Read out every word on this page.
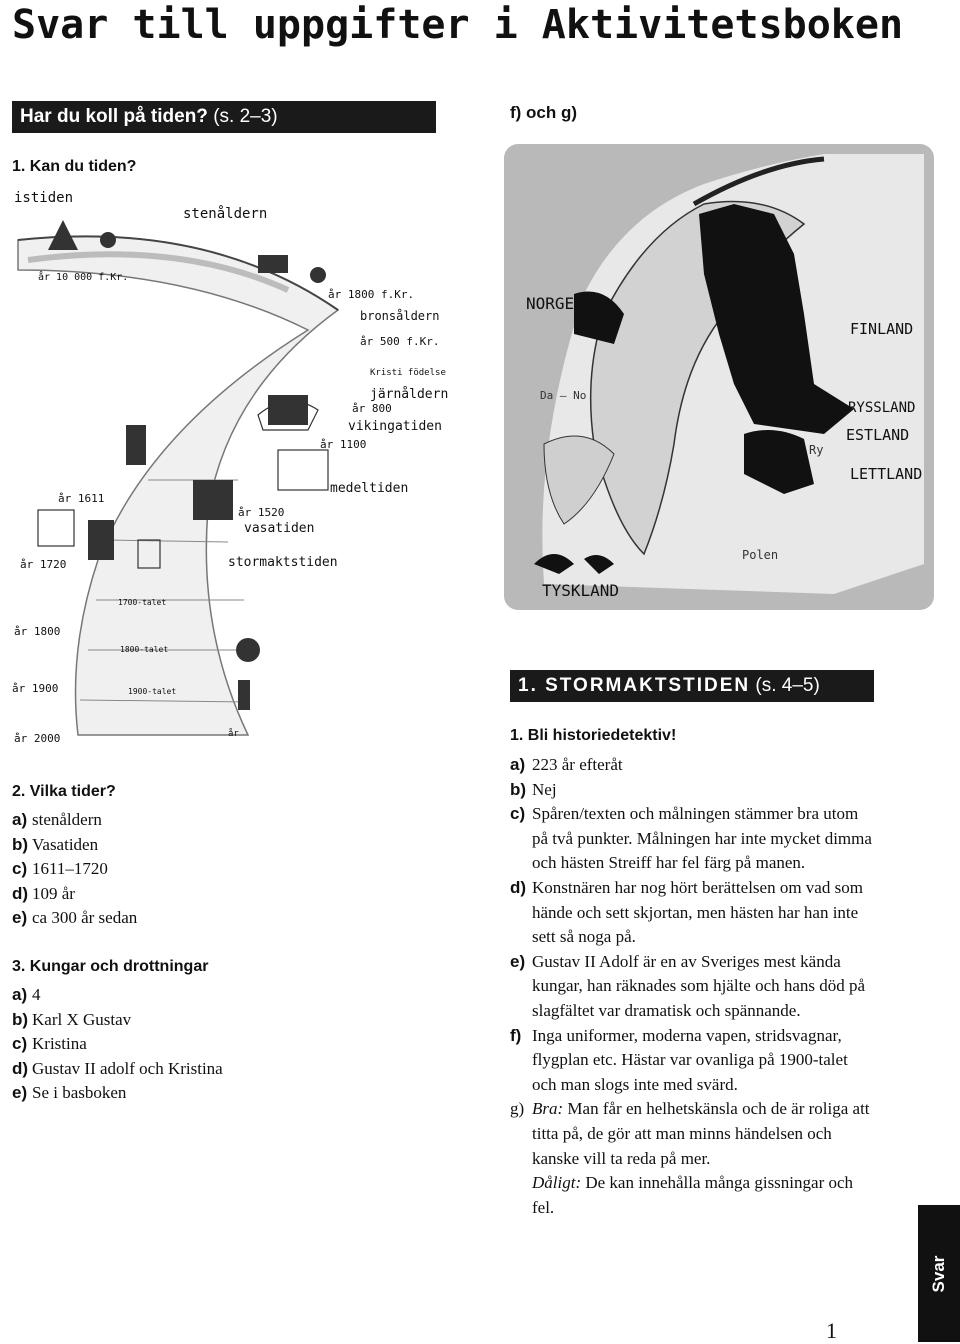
Svar till uppgifter i Aktivitetsboken
Har du koll på tiden? (s. 2–3)
1. Kan du tiden?
istiden
stenåldern
år 10 000 f.Kr.
år 1800 f.Kr.
bronsåldern
år 500 f.Kr.
Kristi födelse
järnåldern
år 800
vikingatiden
år 1100
medeltiden
år 1611
år 1520
vasatiden
år 1720	stormaktstiden
1700-talet
år 1800
1800-talet
år 1900	1900-talet
år 2000	år
2. Vilka tider?
a) stenåldern
b) Vasatiden
c) 1611–1720
d) 109 år
e) ca 300 år sedan
3. Kungar och drottningar
a) 4
b) Karl X Gustav
c) Kristina
d) Gustav II adolf och Kristina
e) Se i basboken
f) och g)
NORGE
FINLAND
Da – No
RYSSLAND
ESTLAND
Ry
LETTLAND
Polen
TYSKLAND
1. STORMAKTSTIDEN (s. 4–5)
1. Bli historiedetektiv!
a) 223 år efteråt
b) Nej
c) Spåren/texten och målningen stämmer bra utom på två punkter. Målningen har inte mycket dimma och hästen Streiff har fel färg på manen.
d) Konstnären har nog hört berättelsen om vad som hände och sett skjortan, men hästen har han inte sett så noga på.
e) Gustav II Adolf är en av Sveriges mest kända kungar, han räknades som hjälte och hans död på slagfältet var dramatisk och spännande.
f) Inga uniformer, moderna vapen, stridsvagnar, flygplan etc. Hästar var ovanliga på 1900-talet och man slogs inte med svärd.
g) Bra: Man får en helhetskänsla och de är roliga att titta på, de gör att man minns händelsen och kanske vill ta reda på mer.
Dåligt: De kan innehålla många gissningar och fel.
Svar
1
